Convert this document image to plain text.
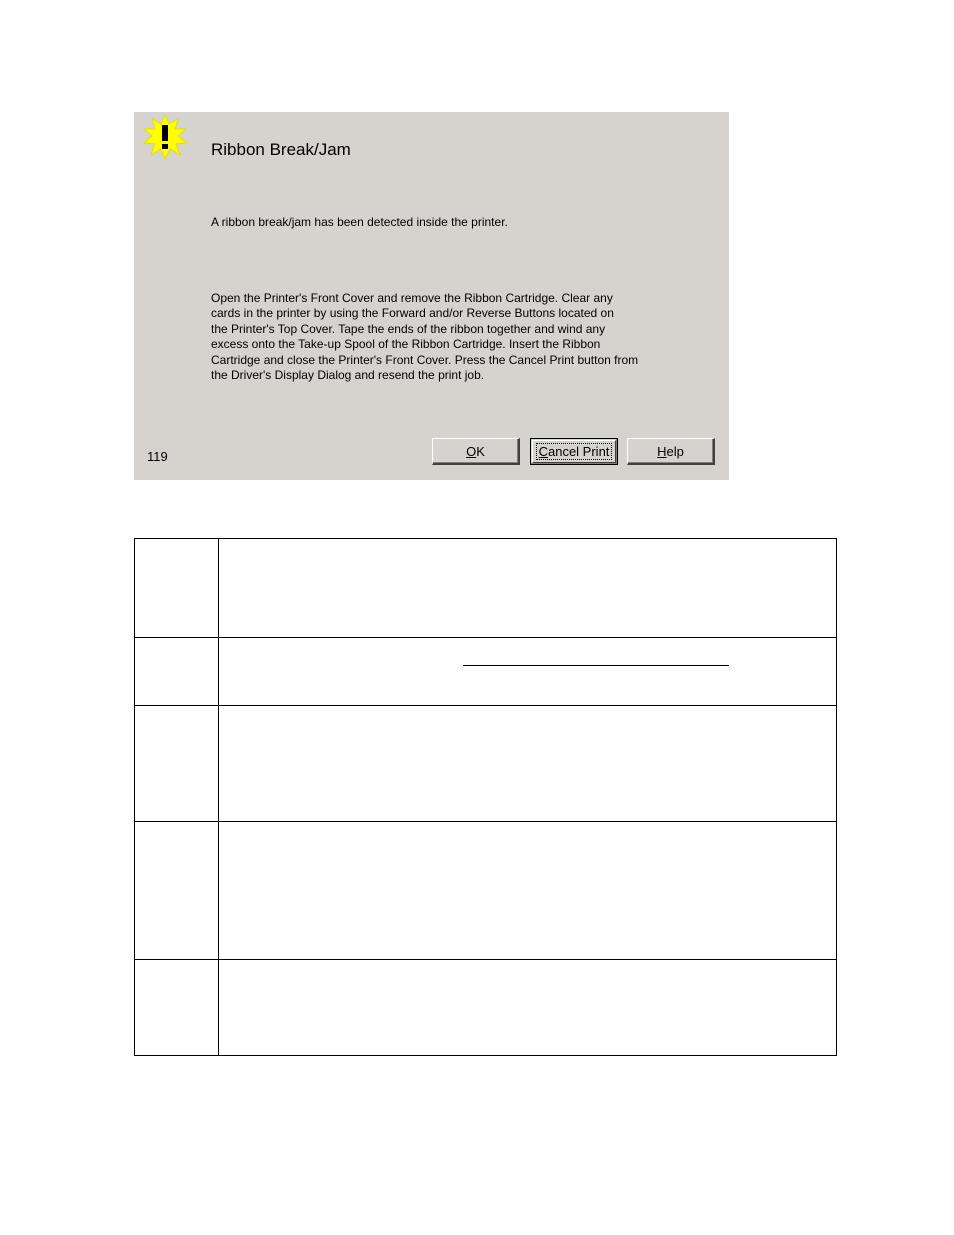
Ribbon Break/Jam
A ribbon break/jam has been detected inside the printer.
Open the Printer's Front Cover and remove the Ribbon Cartridge. Clear any
cards in the printer by using the Forward and/or Reverse Buttons located on
the Printer's Top Cover. Tape the ends of the ribbon together and wind any
excess onto the Take-up Spool of the Ribbon Cartridge. Insert the Ribbon
Cartridge and close the Printer's Front Cover. Press the Cancel Print button from
the Driver's Display Dialog and resend the print job.
119	OK	Cancel Print	Help
